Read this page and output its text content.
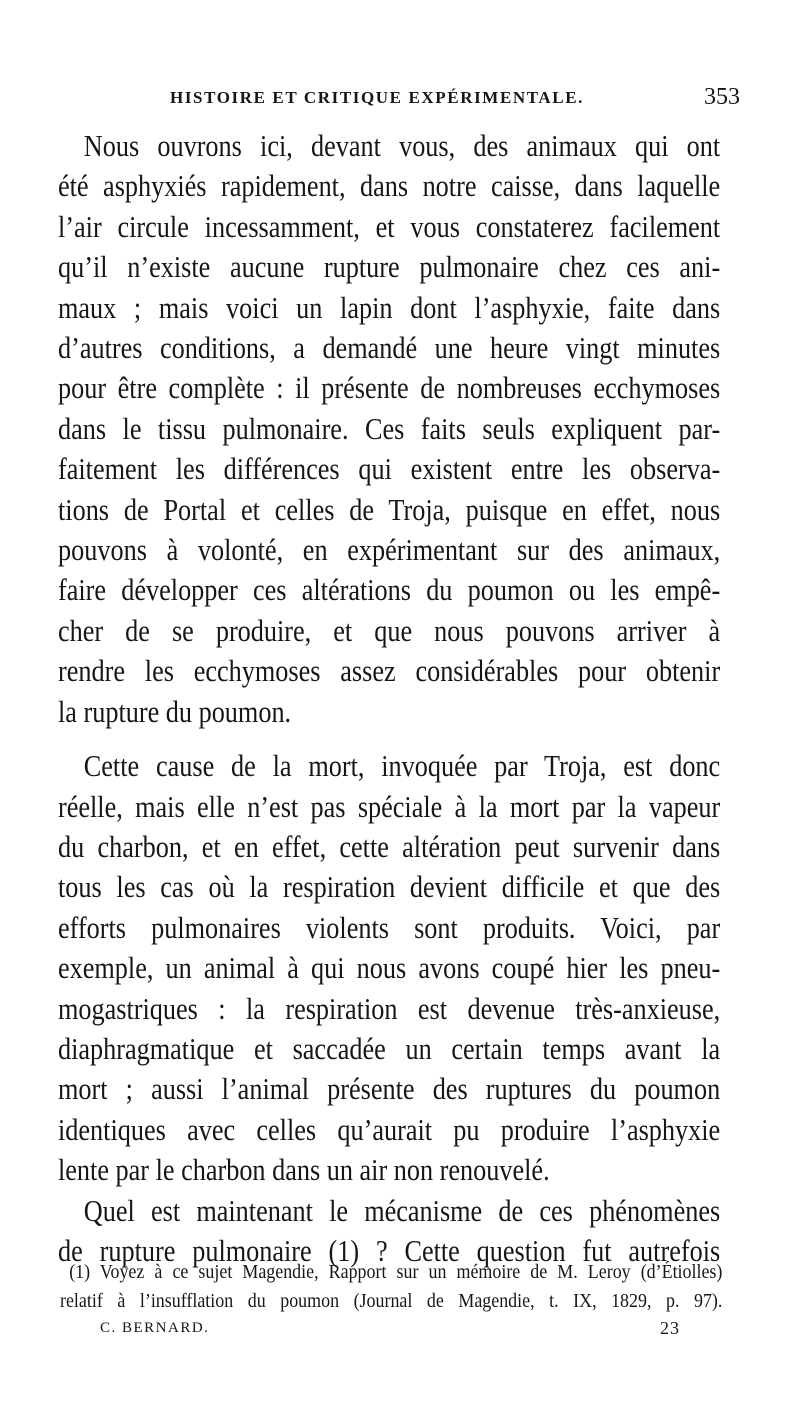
HISTOIRE ET CRITIQUE EXPÉRIMENTALE.	353
Nous ouvrons ici, devant vous, des animaux qui ont
été asphyxiés rapidement, dans notre caisse, dans laquelle
l’air circule incessamment, et vous constaterez facilement
qu’il n’existe aucune rupture pulmonaire chez ces ani-
maux ; mais voici un lapin dont l’asphyxie, faite dans
d’autres conditions, a demandé une heure vingt minutes
pour être complète : il présente de nombreuses ecchymoses
dans le tissu pulmonaire. Ces faits seuls expliquent par-
faitement les différences qui existent entre les observa-
tions de Portal et celles de Troja, puisque en effet, nous
pouvons à volonté, en expérimentant sur des animaux,
faire développer ces altérations du poumon ou les empê-
cher de se produire, et que nous pouvons arriver à
rendre les ecchymoses assez considérables pour obtenir
la rupture du poumon.
Cette cause de la mort, invoquée par Troja, est donc
réelle, mais elle n’est pas spéciale à la mort par la vapeur
du charbon, et en effet, cette altération peut survenir dans
tous les cas où la respiration devient difficile et que des
efforts pulmonaires violents sont produits. Voici, par
exemple, un animal à qui nous avons coupé hier les pneu-
mogastriques : la respiration est devenue très-anxieuse,
diaphragmatique et saccadée un certain temps avant la
mort ; aussi l’animal présente des ruptures du poumon
identiques avec celles qu’aurait pu produire l’asphyxie
lente par le charbon dans un air non renouvelé.
Quel est maintenant le mécanisme de ces phénomènes
de rupture pulmonaire (1) ? Cette question fut autrefois
(1) Voyez à ce sujet Magendie, Rapport sur un mémoire de M. Leroy (d’Étiolles)
relatif à l’insufflation du poumon (Journal de Magendie, t. IX, 1829, p. 97).
C. BERNARD.	23
